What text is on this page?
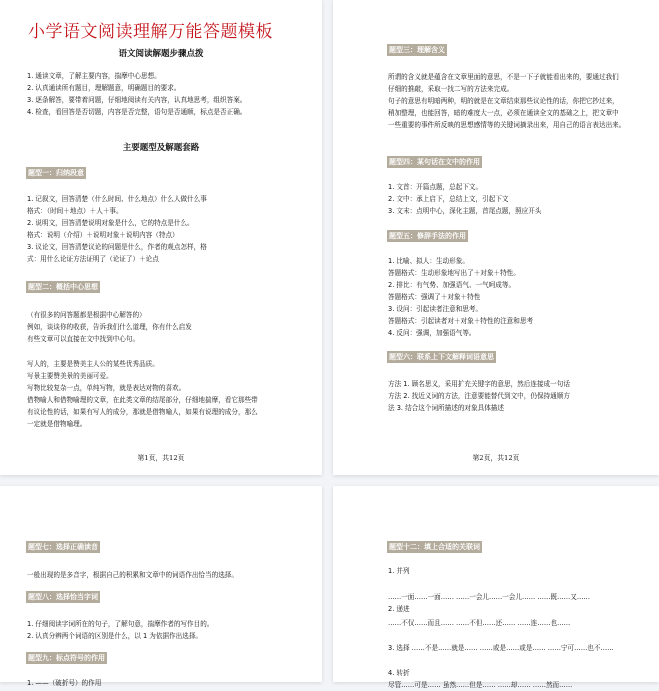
小学语文阅读理解万能答题模板
语文阅读解题步骤点拨
1. 通读文章，了解主要内容，揣摩中心思想。
2. 认真通读所有题目，理解题意，明确题目的要求。
3. 逐条解答，要带着问题，仔细地阅读有关内容，认真地思考，组织答案。
4. 检查，看回答是否切题，内容是否完整，语句是否通顺，标点是否正确。
主要题型及解题套路
题型一：归纳段意
1. 记叙文，回答清楚（什么时间、什么地点）什么人做什么事
格式：（时间＋地点）＋人＋事。
2. 说明文，回答清楚说明对象是什么，它的特点是什么。
格式：说明（介绍）＋说明对象＋说明内容（特点）
3. 议论文，回答清楚议论的问题是什么，作者的观点怎样，格
式：用什么论证方法证明了（论证了）＋论点
题型二：概括中心思想
（有很多的问答题都是根据中心解答的）
例如，谈谈你的收获，告诉我们什么道理，你有什么启发
有些文章可以直接在文中找到中心句。
写人的，主要是赞美主人公的某些优秀品质。
写景主要赞美景的美丽可爱。
写物比较复杂一点，单纯写物，就是表达对物的喜欢。
借物喻人和借物喻理的文章，在此类文章的结尾部分，仔细地揣摩，看它那些带
有议论性的话，如果有写人的成分，那就是借物喻人，如果有说理的成分，那么
一定就是借物喻理。
第1页，共12页
题型三：理解含义
所谓的含义就是蕴含在文章里面的意思，不是一下子就能看出来的，要通过我们
仔细的推敲，采取一找二写的方法来完成。
句子的意思有明暗两种，明的就是在文章结束那些议论性的话，你把它抄过来，
稍加整理，也能回答，暗的难度大一点，必须在通读全文的基础之上，把文章中
一些重要的事件所反映的思想感情等的关键词摘录出来，用自己的语言表达出来。
题型四：某句话在文中的作用
1. 文首：开篇点题，总起下文。
2. 文中：承上启下，总结上文，引起下文
3. 文末：点明中心，深化主题，首尾点题，照应开头
题型五：修辞手法的作用
1. 比喻、拟人：生动形象。
答题格式：生动形象地写出了＋对象＋特性。
2. 排比：有气势、加强语气、一气呵成等。
答题格式：强调了＋对象＋特性
3. 设问：引起读者注意和思考。
答题格式：引起读者对＋对象＋特性的注意和思考
4. 反问：强调，加强语气等。
题型六：联系上下文解释词语意思
方法 1. 顾名思义，采用扩充关键字的意思，然后连接成一句话
方法 2. 找近义词的方法，注意要能替代到文中，仍保持通顺方
法 3. 结合这个词所描述的对象具体描述
第2页，共12页
题型七：选择正确读音
一般出现的是多音字，根据自己的积累和文章中的词语作出恰当的选择。
题型八：选择恰当字词
1. 仔细阅读字词所在的句子，了解句意，揣摩作者的写作目的。
2. 认真分辨两个词语的区别是什么，以 1 为依据作出选择。
题型九：标点符号的作用
1. ——（破折号）的作用
题型十二：填上合适的关联词
1. 并列
……一面……一面…… ……一会儿……一会儿…… ……既……又……
2. 递进
……不仅……而且…… ……不但……还…… ……连……也……
3. 选择 ……不是……就是…… ……或是……或是…… ……宁可……也不……
4. 转折
尽管……可是…… 虽然……但是…… ……却…… ……然而……
